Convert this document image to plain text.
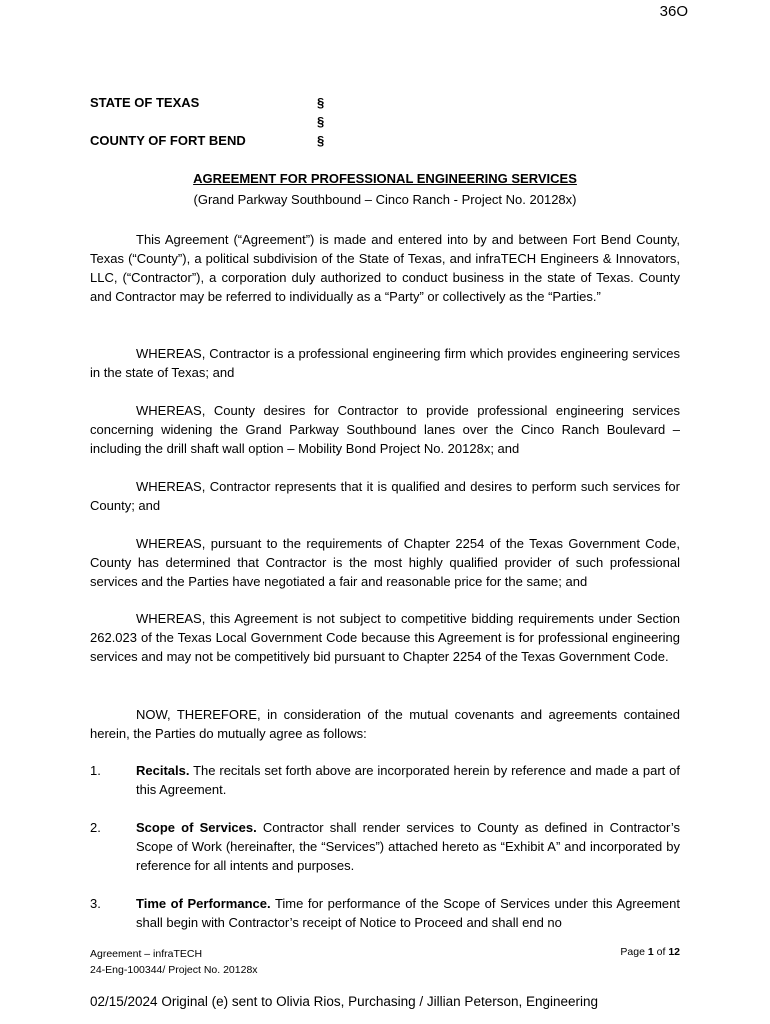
36O
STATE OF TEXAS	§
§
COUNTY OF FORT BEND	§
AGREEMENT FOR PROFESSIONAL ENGINEERING SERVICES
(Grand Parkway Southbound – Cinco Ranch - Project No. 20128x)

This Agreement (“Agreement”) is made and entered into by and between Fort Bend County, Texas (“County”), a political subdivision of the State of Texas, and infraTECH Engineers & Innovators, LLC, (“Contractor”), a corporation duly authorized to conduct business in the state of Texas. County and Contractor may be referred to individually as a “Party” or collectively as the “Parties.”

WHEREAS, Contractor is a professional engineering firm which provides engineering services in the state of Texas; and

WHEREAS, County desires for Contractor to provide professional engineering services concerning widening the Grand Parkway Southbound lanes over the Cinco Ranch Boulevard – including the drill shaft wall option – Mobility Bond Project No. 20128x; and

WHEREAS, Contractor represents that it is qualified and desires to perform such services for County; and

WHEREAS, pursuant to the requirements of Chapter 2254 of the Texas Government Code, County has determined that Contractor is the most highly qualified provider of such professional services and the Parties have negotiated a fair and reasonable price for the same; and

WHEREAS, this Agreement is not subject to competitive bidding requirements under Section 262.023 of the Texas Local Government Code because this Agreement is for professional engineering services and may not be competitively bid pursuant to Chapter 2254 of the Texas Government Code.

NOW, THEREFORE, in consideration of the mutual covenants and agreements contained herein, the Parties do mutually agree as follows:

1.	Recitals. The recitals set forth above are incorporated herein by reference and made a part of this Agreement.

2.	Scope of Services. Contractor shall render services to County as defined in Contractor’s Scope of Work (hereinafter, the “Services”) attached hereto as “Exhibit A” and incorporated by reference for all intents and purposes.

3.	Time of Performance. Time for performance of the Scope of Services under this Agreement shall begin with Contractor’s receipt of Notice to Proceed and shall end no

Agreement – infraTECH
24-Eng-100344/ Project No. 20128x
Page 1 of 12
02/15/2024 Original (e) sent to Olivia Rios, Purchasing / Jillian Peterson, Engineering
